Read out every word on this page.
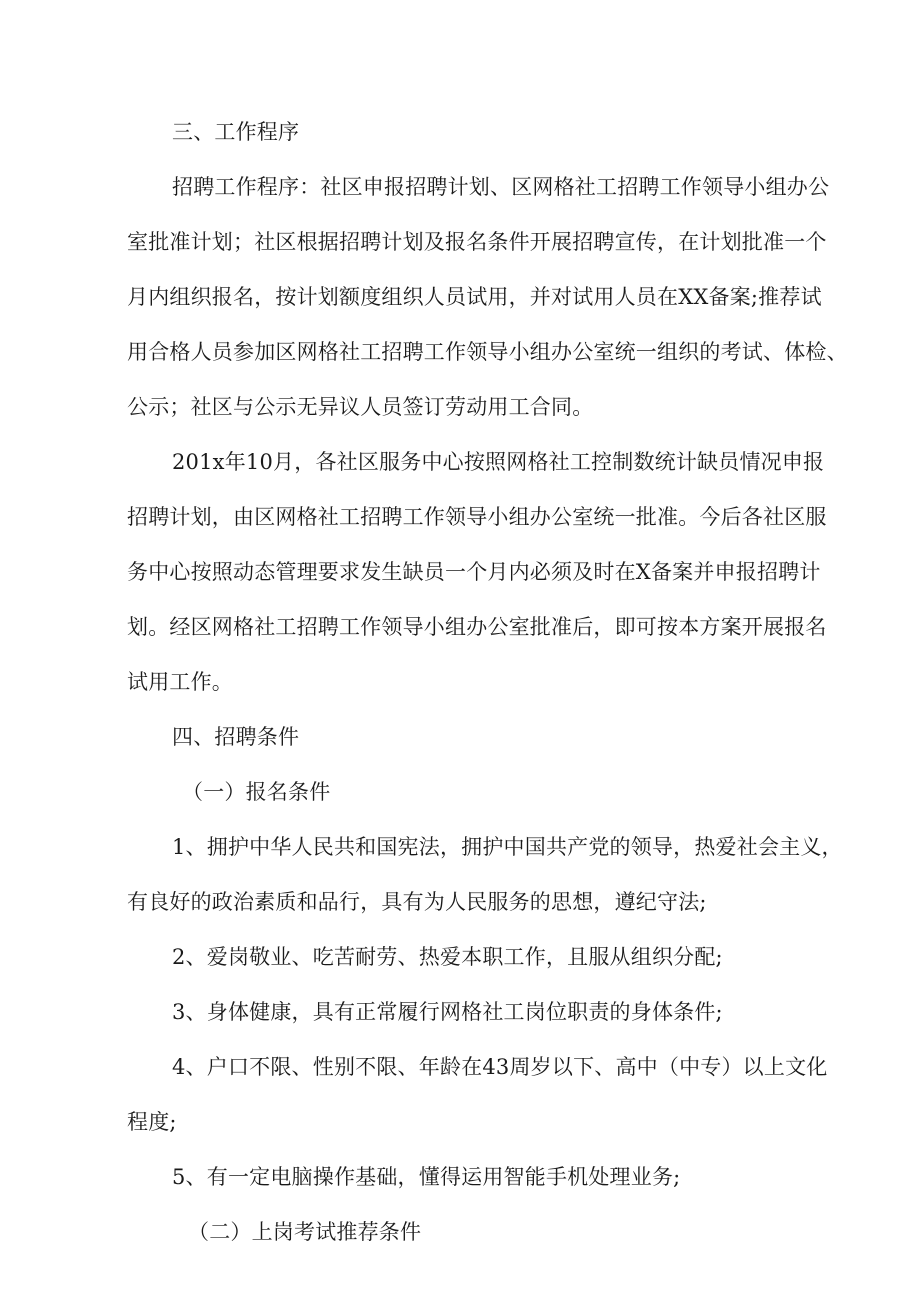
三、工作程序
招聘工作程序：社区申报招聘计划、区网格社工招聘工作领导小组办公
室批准计划；社区根据招聘计划及报名条件开展招聘宣传，在计划批准一个
月内组织报名，按计划额度组织人员试用，并对试用人员在XX备案;推荐试
用合格人员参加区网格社工招聘工作领导小组办公室统一组织的考试、体检、
公示；社区与公示无异议人员签订劳动用工合同。
201x年10月，各社区服务中心按照网格社工控制数统计缺员情况申报
招聘计划，由区网格社工招聘工作领导小组办公室统一批准。今后各社区服
务中心按照动态管理要求发生缺员一个月内必须及时在X备案并申报招聘计
划。经区网格社工招聘工作领导小组办公室批准后，即可按本方案开展报名
试用工作。
四、招聘条件
（一）报名条件
1、拥护中华人民共和国宪法，拥护中国共产党的领导，热爱社会主义，
有良好的政治素质和品行，具有为人民服务的思想，遵纪守法;
2、爱岗敬业、吃苦耐劳、热爱本职工作，且服从组织分配;
3、身体健康，具有正常履行网格社工岗位职责的身体条件;
4、户口不限、性别不限、年龄在43周岁以下、高中（中专）以上文化
程度;
5、有一定电脑操作基础，懂得运用智能手机处理业务;
（二）上岗考试推荐条件
